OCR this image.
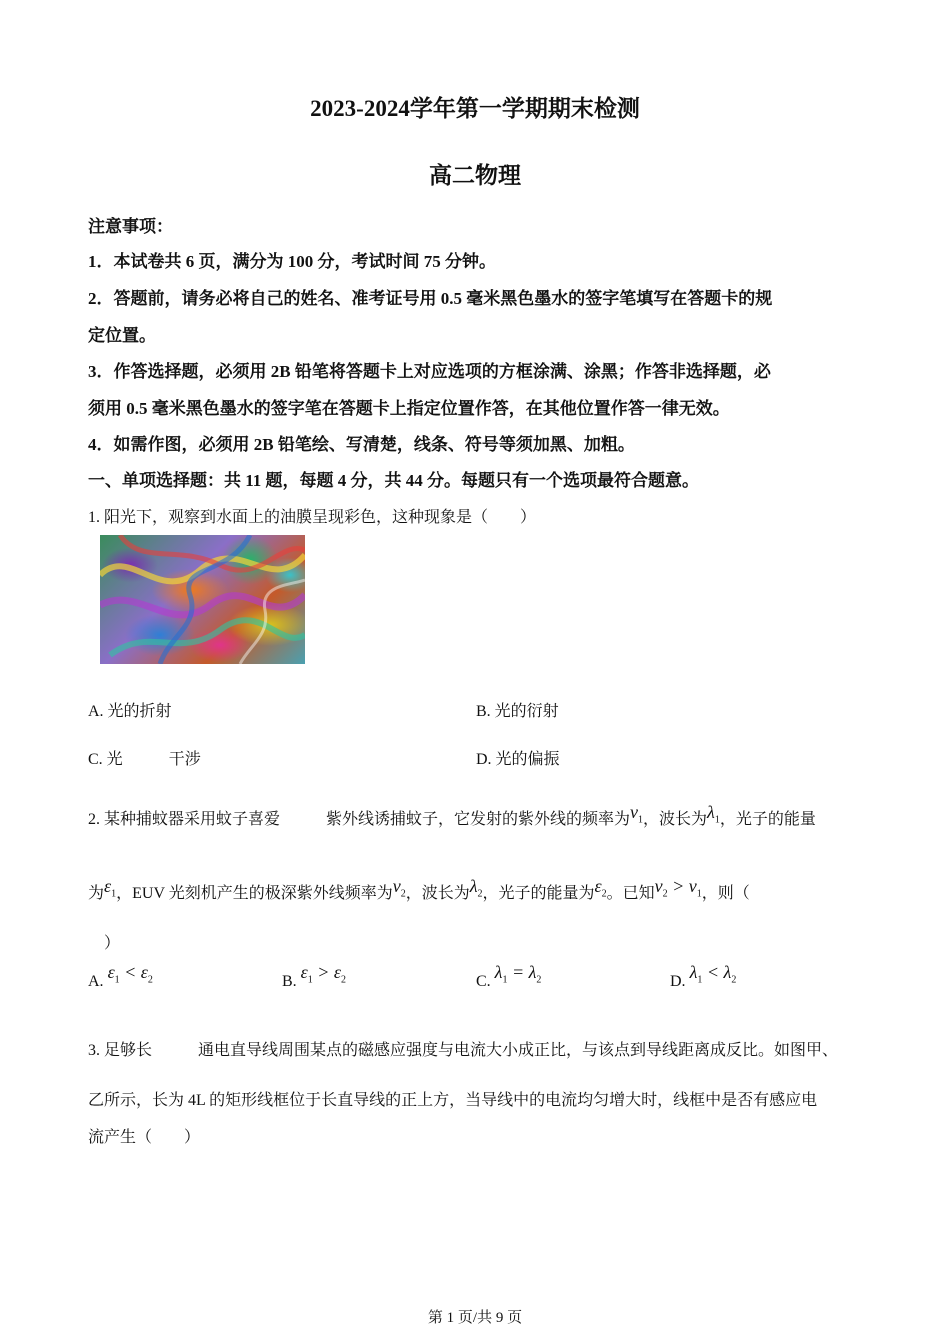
2023-2024学年第一学期期末检测
高二物理
注意事项：
1．本试卷共 6 页，满分为 100 分，考试时间 75 分钟。
2．答题前，请务必将自己的姓名、准考证号用 0.5 毫米黑色墨水的签字笔填写在答题卡的规
定位置。
3．作答选择题，必须用 2B 铅笔将答题卡上对应选项的方框涂满、涂黑；作答非选择题，必
须用 0.5 毫米黑色墨水的签字笔在答题卡上指定位置作答，在其他位置作答一律无效。
4．如需作图，必须用 2B 铅笔绘、写清楚，线条、符号等须加黑、加粗。
一、单项选择题：共 11 题，每题 4 分，共 44 分。每题只有一个选项最符合题意。
1. 阳光下，观察到水面上的油膜呈现彩色，这种现象是（　　）
A. 光的折射	B. 光的衍射
C. 光	干涉	D. 光的偏振
2. 某种捕蚊器采用蚊子喜爱	紫外线诱捕蚊子，它发射的紫外线的频率为$\nu_1$，波长为$\lambda_1$，光子的能量
为$\varepsilon_1$，EUV 光刻机产生的极深紫外线频率为$\nu_2$，波长为$\lambda_2$，光子的能量为$\varepsilon_2$。已知$\nu_2 > \nu_1$，则（
）
A. $\varepsilon_1 < \varepsilon_2$	B. $\varepsilon_1 > \varepsilon_2$	C. $\lambda_1 = \lambda_2$	D. $\lambda_1 < \lambda_2$
3. 足够长	通电直导线周围某点的磁感应强度与电流大小成正比，与该点到导线距离成反比。如图甲、
乙所示，长为 4L 的矩形线框位于长直导线的正上方，当导线中的电流均匀增大时，线框中是否有感应电
流产生（　　）
第 1 页/共 9 页
